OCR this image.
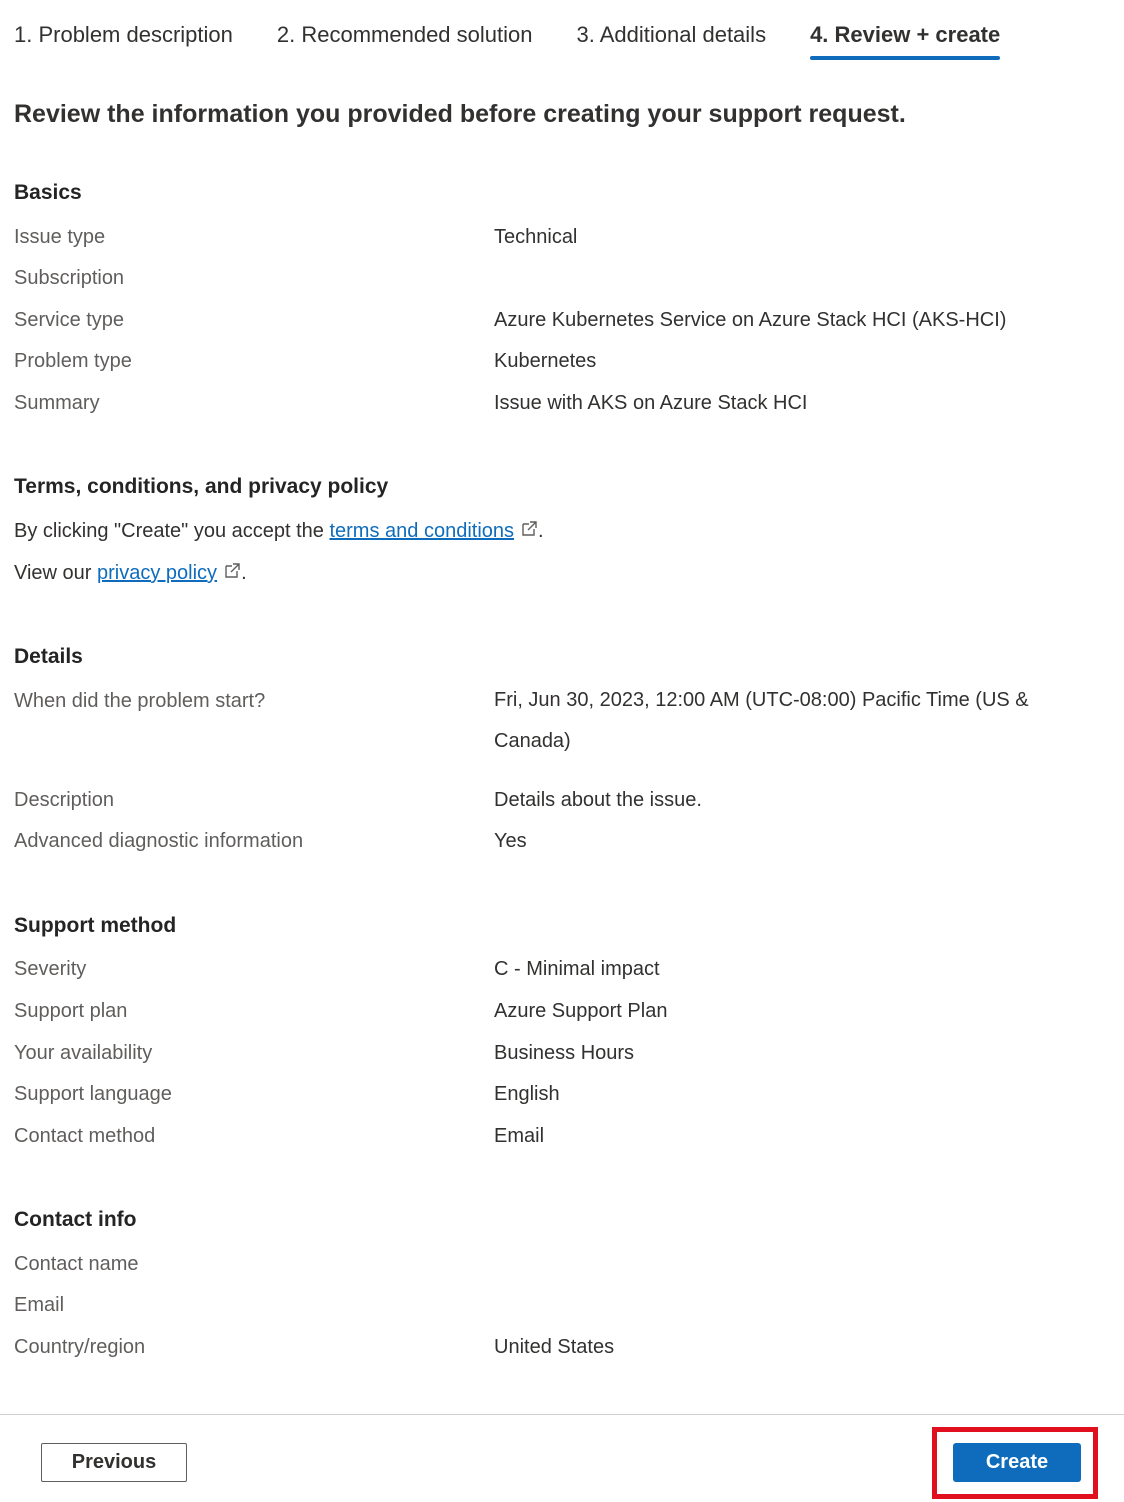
1. Problem description 2. Recommended solution 3. Additional details 4. Review + create
Review the information you provided before creating your support request.
Basics
Issue type	Technical
Subscription
Service type	Azure Kubernetes Service on Azure Stack HCI (AKS-HCI)
Problem type	Kubernetes
Summary	Issue with AKS on Azure Stack HCI
Terms, conditions, and privacy policy
By clicking "Create" you accept the terms and conditions .
View our privacy policy .
Details
When did the problem start?	Fri, Jun 30, 2023, 12:00 AM (UTC-08:00) Pacific Time (US & Canada)
Description	Details about the issue.
Advanced diagnostic information	Yes
Support method
Severity	C - Minimal impact
Support plan	Azure Support Plan
Your availability	Business Hours
Support language	English
Contact method	Email
Contact info
Contact name
Email
Country/region	United States
Previous	Create
